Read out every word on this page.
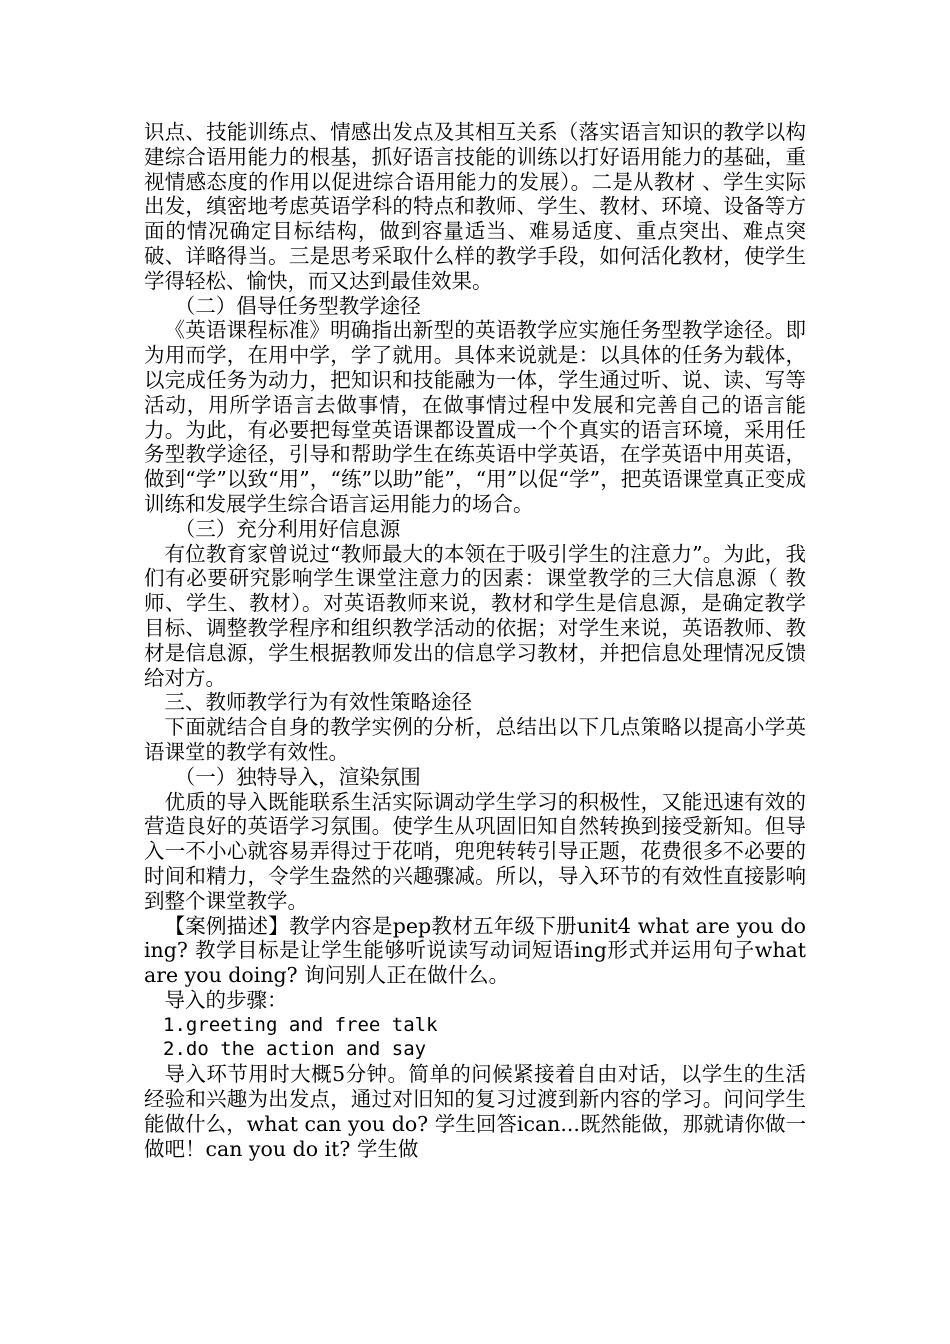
识点、技能训练点、情感出发点及其相互关系（落实语言知识的教学以构建综合语用能力的根基，抓好语言技能的训练以打好语用能力的基础，重视情感态度的作用以促进综合语用能力的发展）。二是从教材 、学生实际出发，缜密地考虑英语学科的特点和教师、学生、教材、环境、设备等方面的情况确定目标结构，做到容量适当、难易适度、重点突出、难点突破、详略得当。三是思考采取什么样的教学手段，如何活化教材，使学生学得轻松、愉快，而又达到最佳效果。

（二）倡导任务型教学途径

《英语课程标准》明确指出新型的英语教学应实施任务型教学途径。即为用而学，在用中学，学了就用。具体来说就是：以具体的任务为载体，以完成任务为动力，把知识和技能融为一体，学生通过听、说、读、写等活动，用所学语言去做事情，在做事情过程中发展和完善自己的语言能力。为此，有必要把每堂英语课都设置成一个个真实的语言环境，采用任务型教学途径，引导和帮助学生在练英语中学英语，在学英语中用英语，做到“学”以致“用”，“练”以助”能”，“用”以促“学”，把英语课堂真正变成训练和发展学生综合语言运用能力的场合。

（三）充分利用好信息源

有位教育家曾说过“教师最大的本领在于吸引学生的注意力”。为此，我们有必要研究影响学生课堂注意力的因素：课堂教学的三大信息源（ 教师、学生、教材）。对英语教师来说，教材和学生是信息源，是确定教学目标、调整教学程序和组织教学活动的依据；对学生来说，英语教师、教材是信息源，学生根据教师发出的信息学习教材，并把信息处理情况反馈给对方。

三、教师教学行为有效性策略途径

下面就结合自身的教学实例的分析，总结出以下几点策略以提高小学英语课堂的教学有效性。

（一）独特导入，渲染氛围

优质的导入既能联系生活实际调动学生学习的积极性，又能迅速有效的营造良好的英语学习氛围。使学生从巩固旧知自然转换到接受新知。但导入一不小心就容易弄得过于花哨，兜兜转转引导正题，花费很多不必要的时间和精力，令学生盎然的兴趣骤减。所以，导入环节的有效性直接影响到整个课堂教学。

【案例描述】教学内容是pep教材五年级下册unit4 what are you doing? 教学目标是让学生能够听说读写动词短语ing形式并运用句子what are you doing? 询问别人正在做什么。

导入的步骤：

1.greeting and free talk

2.do the action and say

导入环节用时大概5分钟。简单的问候紧接着自由对话，以学生的生活经验和兴趣为出发点，通过对旧知的复习过渡到新内容的学习。问问学生能做什么，what can you do? 学生回答ican...既然能做，那就请你做一做吧！can you do it? 学生做
